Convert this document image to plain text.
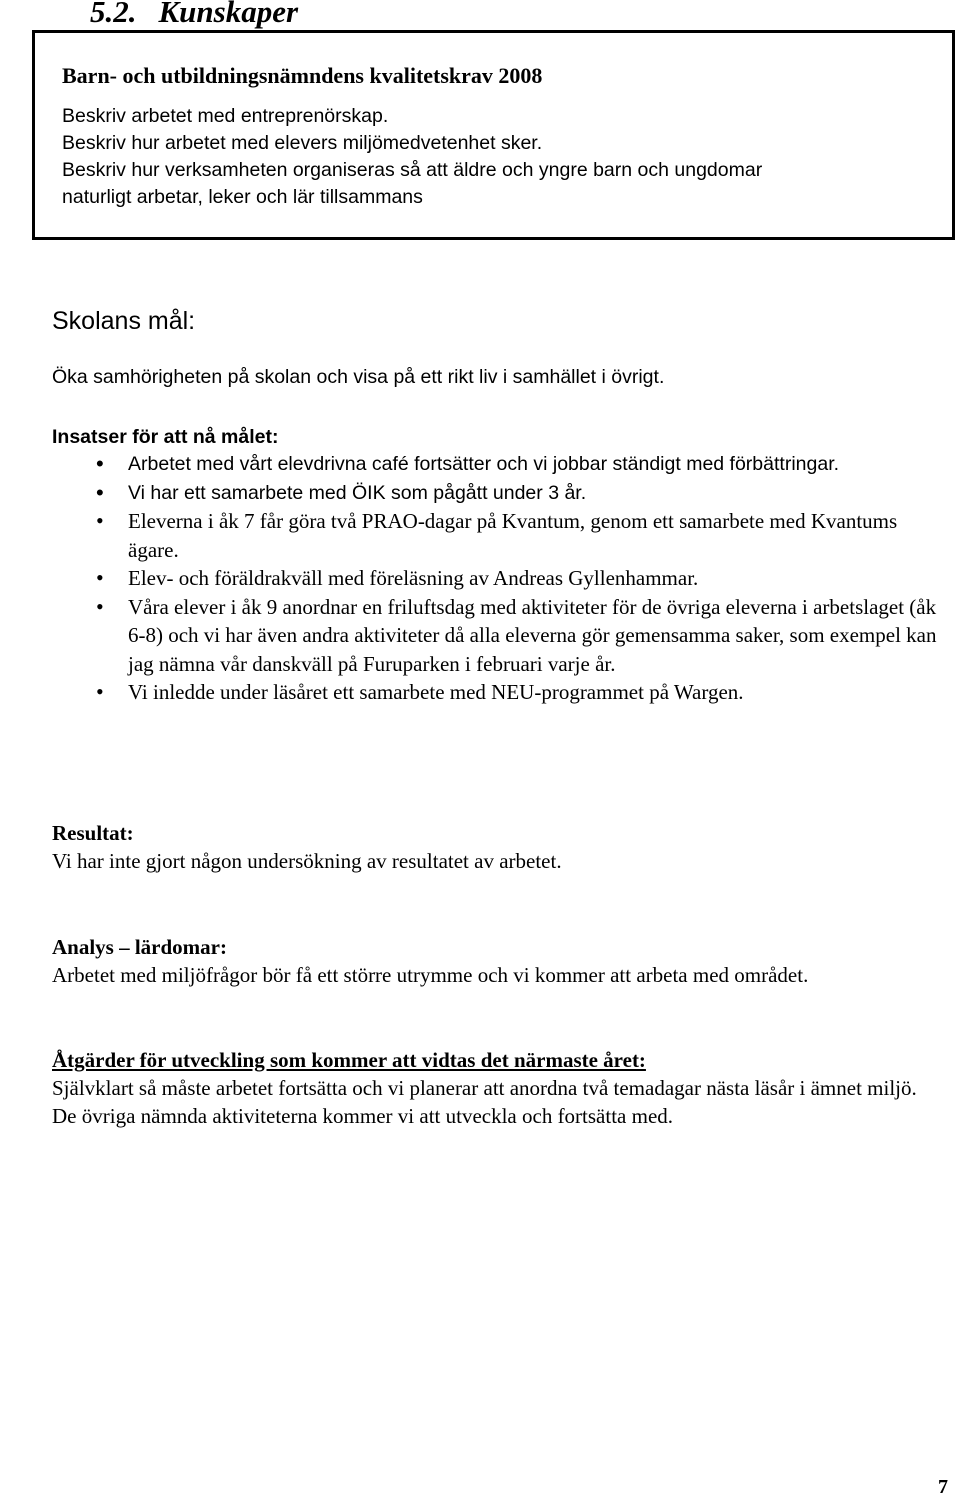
5.2. Kunskaper
Barn- och utbildningsnämndens kvalitetskrav 2008
Beskriv arbetet med entreprenörskap.
Beskriv hur arbetet med elevers miljömedvetenhet sker.
Beskriv hur verksamheten organiseras så att äldre och yngre barn och ungdomar
naturligt arbetar, leker och lär tillsammans
Skolans mål:

Öka samhörigheten på skolan och visa på ett rikt liv i samhället i övrigt.

Insatser för att nå målet:
• Arbetet med vårt elevdrivna café fortsätter och vi jobbar ständigt med förbättringar.
• Vi har ett samarbete med ÖIK som pågått under 3 år.
• Eleverna i åk 7 får göra två PRAO-dagar på Kvantum, genom ett samarbete med Kvantums ägare.
• Elev- och föräldrakväll med föreläsning av Andreas Gyllenhammar.
• Våra elever i åk 9 anordnar en friluftsdag med aktiviteter för de övriga eleverna i arbetslaget (åk 6-8) och vi har även andra aktiviteter då alla eleverna gör gemensamma saker, som exempel kan jag nämna vår danskväll på Furuparken i februari varje år.
• Vi inledde under läsåret ett samarbete med NEU-programmet på Wargen.
Resultat:

Vi har inte gjort någon undersökning av resultatet av arbetet.

Analys – lärdomar:

Arbetet med miljöfrågor bör få ett större utrymme och vi kommer att arbeta med området.

Åtgärder för utveckling som kommer att vidtas det närmaste året:

Självklart så måste arbetet fortsätta och vi planerar att anordna två temadagar nästa läsår i ämnet miljö.

De övriga nämnda aktiviteterna kommer vi att utveckla och fortsätta med.

7
